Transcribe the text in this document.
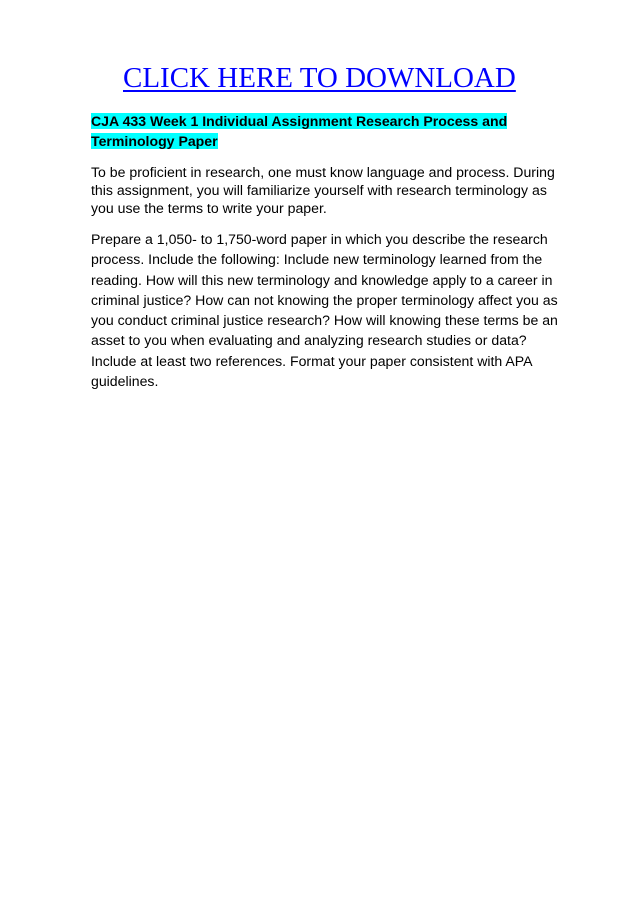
CLICK HERE TO DOWNLOAD

CJA 433 Week 1 Individual Assignment Research Process and Terminology Paper

To be proficient in research, one must know language and process. During this assignment, you will familiarize yourself with research terminology as you use the terms to write your paper.

Prepare a 1,050- to 1,750-word paper in which you describe the research process. Include the following: Include new terminology learned from the reading. How will this new terminology and knowledge apply to a career in criminal justice? How can not knowing the proper terminology affect you as you conduct criminal justice research? How will knowing these terms be an asset to you when evaluating and analyzing research studies or data? Include at least two references. Format your paper consistent with APA guidelines.
